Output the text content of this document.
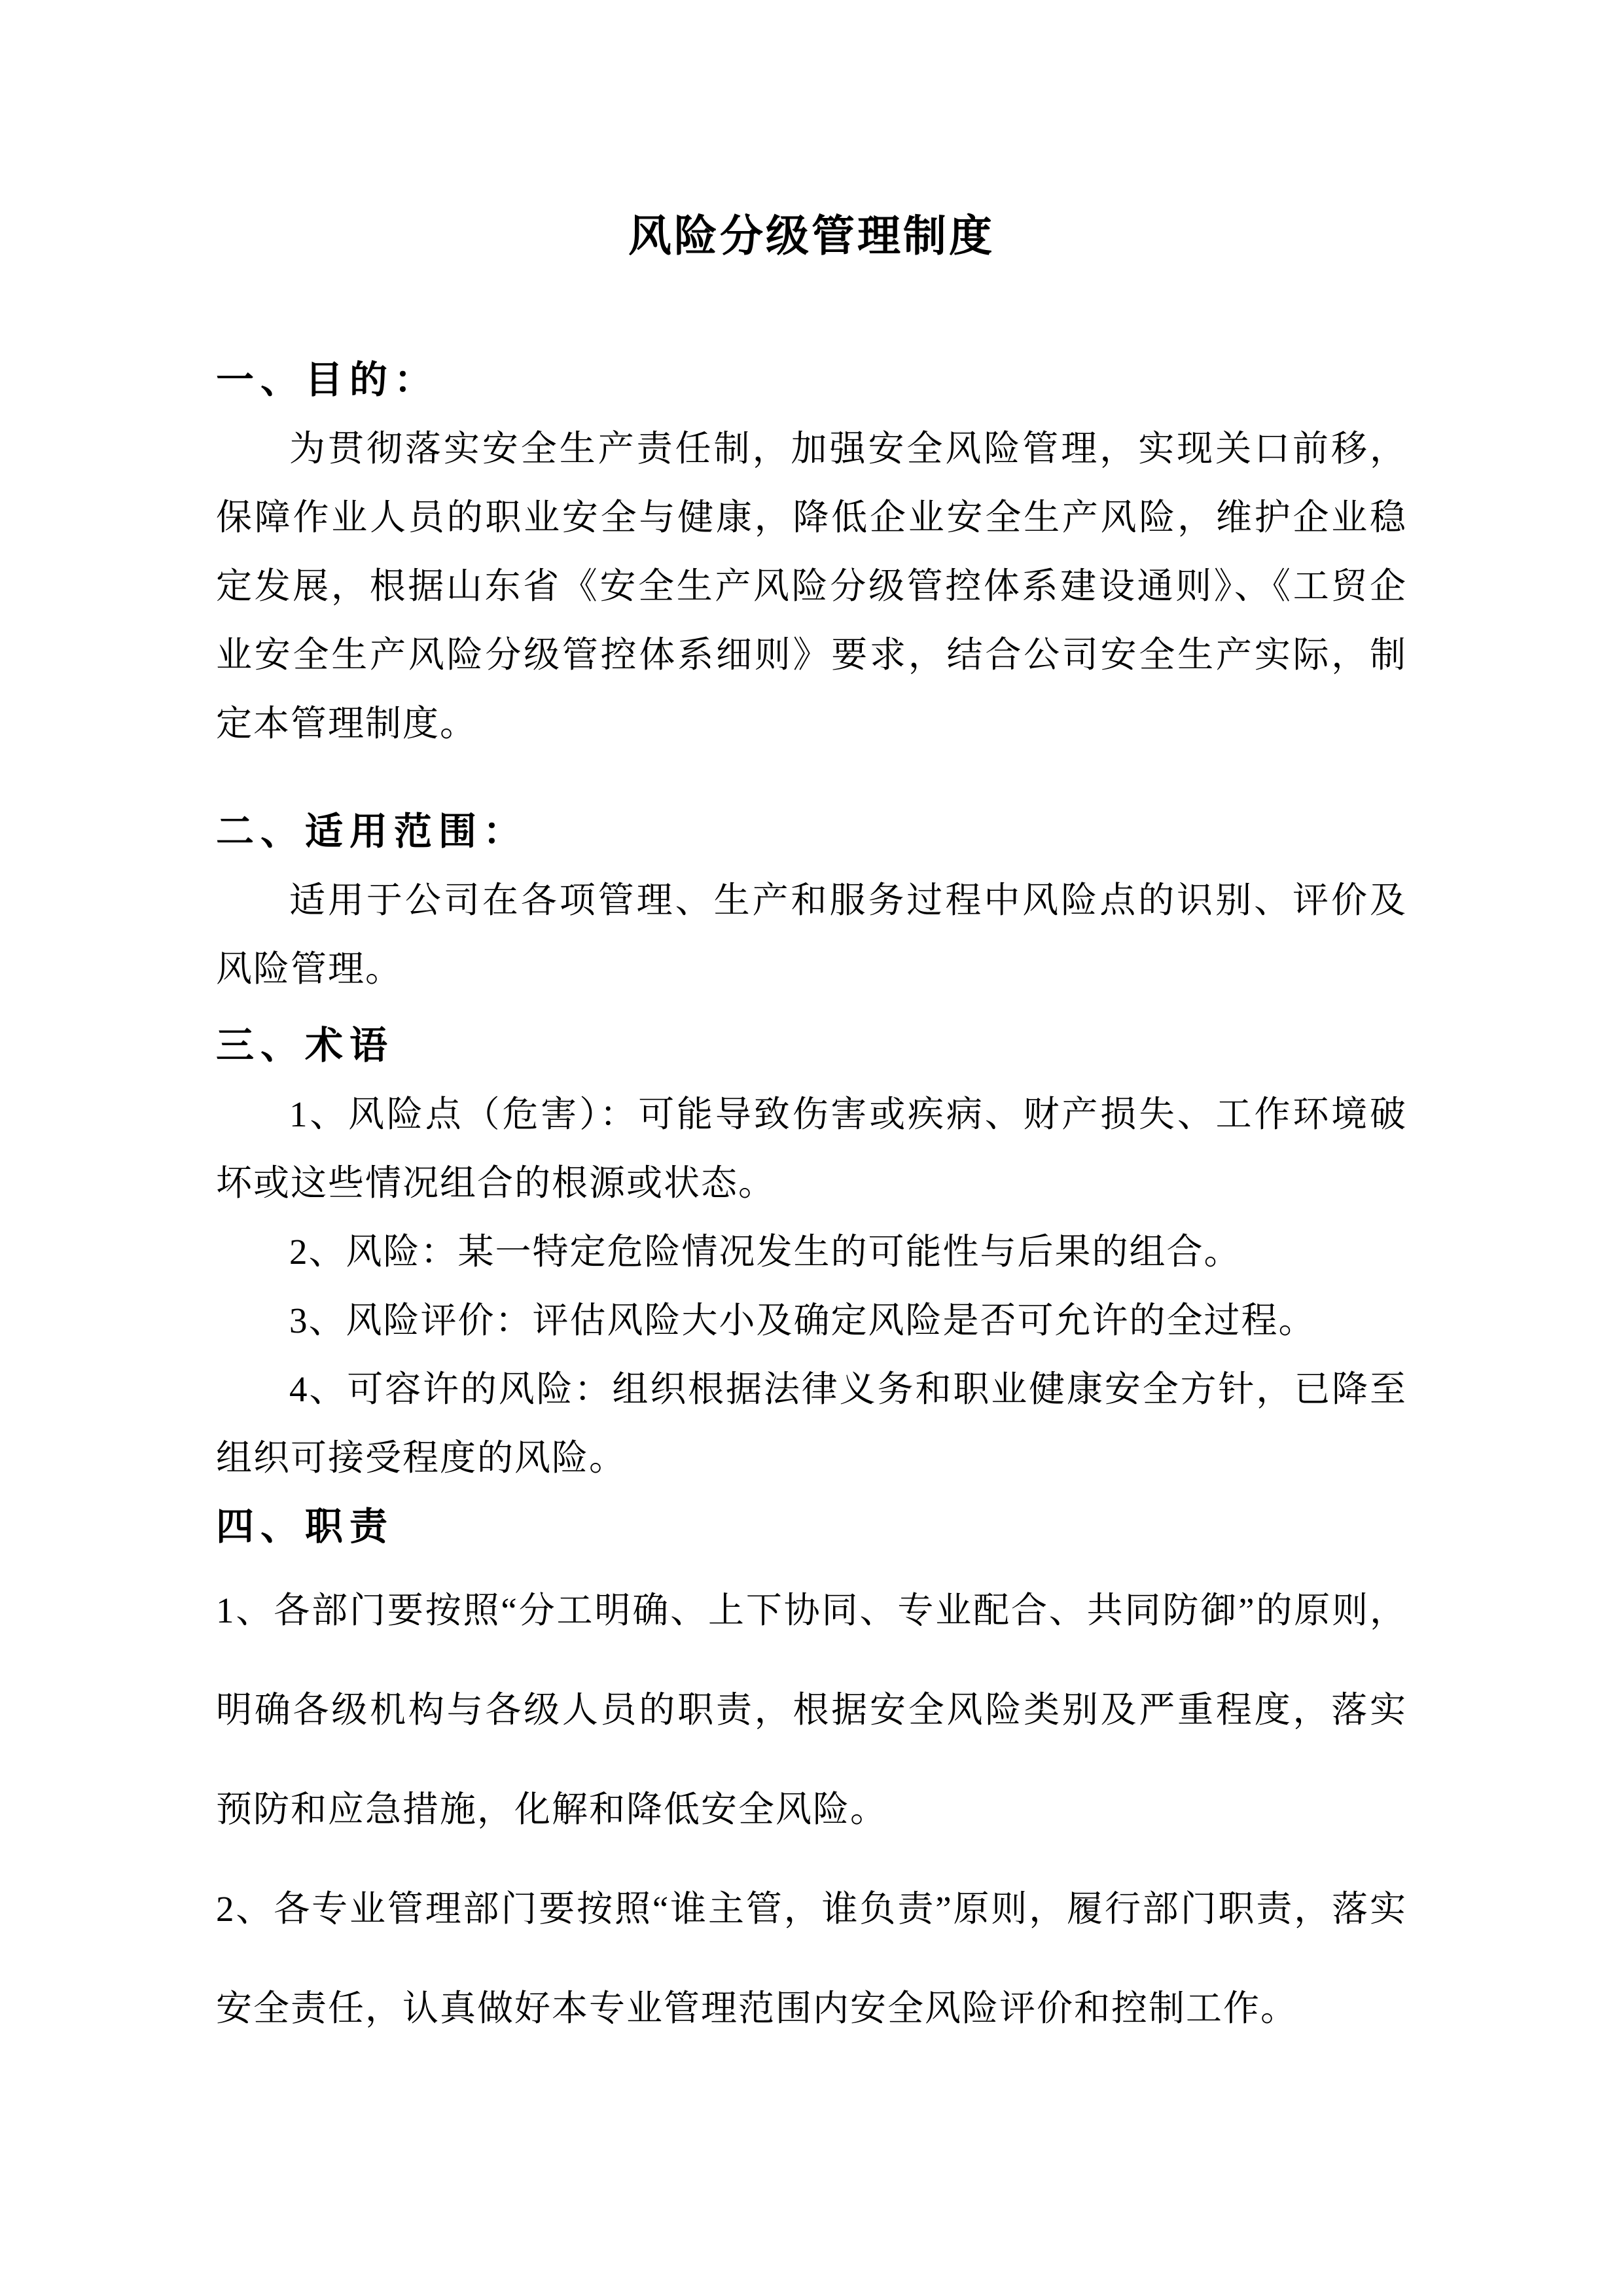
风险分级管理制度
一、目的：

为贯彻落实安全生产责任制，加强安全风险管理，实现关口前移，保障作业人员的职业安全与健康，降低企业安全生产风险，维护企业稳定发展，根据山东省《安全生产风险分级管控体系建设通则》、《工贸企业安全生产风险分级管控体系细则》要求，结合公司安全生产实际，制定本管理制度。

二、适用范围：

适用于公司在各项管理、生产和服务过程中风险点的识别、评价及风险管理。

三、术语

1、风险点（危害）：可能导致伤害或疾病、财产损失、工作环境破坏或这些情况组合的根源或状态。

2、风险：某一特定危险情况发生的可能性与后果的组合。

3、风险评价：评估风险大小及确定风险是否可允许的全过程。

4、可容许的风险：组织根据法律义务和职业健康安全方针，已降至组织可接受程度的风险。

四、职责

1、各部门要按照“分工明确、上下协同、专业配合、共同防御”的原则，明确各级机构与各级人员的职责，根据安全风险类别及严重程度，落实预防和应急措施，化解和降低安全风险。

2、各专业管理部门要按照“谁主管，谁负责”原则，履行部门职责，落实安全责任，认真做好本专业管理范围内安全风险评价和控制工作。
